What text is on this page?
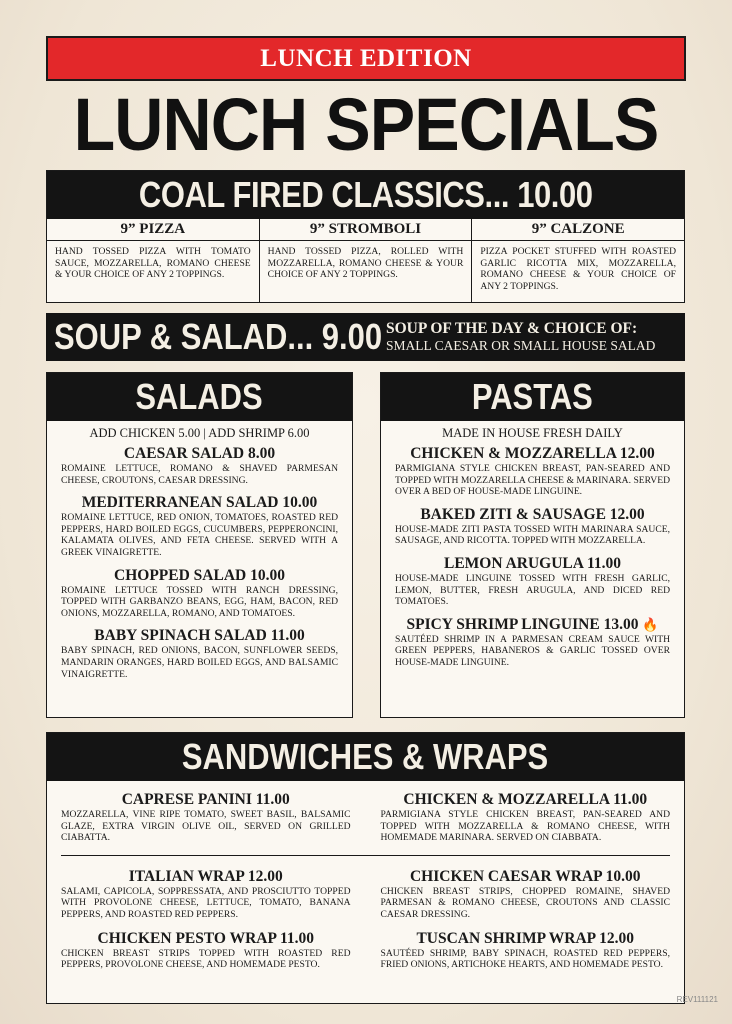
LUNCH EDITION
LUNCH SPECIALS
COAL FIRED CLASSICS... 10.00
9” PIZZA
HAND TOSSED PIZZA WITH TOMATO SAUCE, MOZZARELLA, ROMANO CHEESE & YOUR CHOICE OF ANY 2 TOPPINGS.
9” STROMBOLI
HAND TOSSED PIZZA, ROLLED WITH MOZZARELLA, ROMANO CHEESE & YOUR CHOICE OF ANY 2 TOPPINGS.
9” CALZONE
PIZZA POCKET STUFFED WITH ROASTED GARLIC RICOTTA MIX, MOZZARELLA, ROMANO CHEESE & YOUR CHOICE OF ANY 2 TOPPINGS.
SOUP & SALAD... 9.00 SOUP OF THE DAY & CHOICE OF:
SMALL CAESAR OR SMALL HOUSE SALAD
SALADS
ADD CHICKEN 5.00 | ADD SHRIMP 6.00
CAESAR SALAD 8.00
ROMAINE LETTUCE, ROMANO & SHAVED PARMESAN CHEESE, CROUTONS, CAESAR DRESSING.
MEDITERRANEAN SALAD 10.00
ROMAINE LETTUCE, RED ONION, TOMATOES, ROASTED RED PEPPERS, HARD BOILED EGGS, CUCUMBERS, PEPPERONCINI, KALAMATA OLIVES, AND FETA CHEESE. SERVED WITH A GREEK VINAIGRETTE.
CHOPPED SALAD 10.00
ROMAINE LETTUCE TOSSED WITH RANCH DRESSING, TOPPED WITH GARBANZO BEANS, EGG, HAM, BACON, RED ONIONS, MOZZARELLA, ROMANO, AND TOMATOES.
BABY SPINACH SALAD 11.00
BABY SPINACH, RED ONIONS, BACON, SUNFLOWER SEEDS, MANDARIN ORANGES, HARD BOILED EGGS, AND BALSAMIC VINAIGRETTE.
PASTAS
MADE IN HOUSE FRESH DAILY
CHICKEN & MOZZARELLA 12.00
PARMIGIANA STYLE CHICKEN BREAST, PAN-SEARED AND TOPPED WITH MOZZARELLA CHEESE & MARINARA. SERVED OVER A BED OF HOUSE-MADE LINGUINE.
BAKED ZITI & SAUSAGE 12.00
HOUSE-MADE ZITI PASTA TOSSED WITH MARINARA SAUCE, SAUSAGE, AND RICOTTA. TOPPED WITH MOZZARELLA.
LEMON ARUGULA 11.00
HOUSE-MADE LINGUINE TOSSED WITH FRESH GARLIC, LEMON, BUTTER, FRESH ARUGULA, AND DICED RED TOMATOES.
SPICY SHRIMP LINGUINE 13.00 🔥
SAUTÉED SHRIMP IN A PARMESAN CREAM SAUCE WITH GREEN PEPPERS, HABANEROS & GARLIC TOSSED OVER HOUSE-MADE LINGUINE.
SANDWICHES & WRAPS
CAPRESE PANINI 11.00
MOZZARELLA, VINE RIPE TOMATO, SWEET BASIL, BALSAMIC GLAZE, EXTRA VIRGIN OLIVE OIL, SERVED ON GRILLED CIABATTA.
CHICKEN & MOZZARELLA 11.00
PARMIGIANA STYLE CHICKEN BREAST, PAN-SEARED AND TOPPED WITH MOZZARELLA & ROMANO CHEESE, WITH HOMEMADE MARINARA. SERVED ON CIABBATA.
ITALIAN WRAP 12.00
SALAMI, CAPICOLA, SOPPRESSATA, AND PROSCIUTTO TOPPED WITH PROVOLONE CHEESE, LETTUCE, TOMATO, BANANA PEPPERS, AND ROASTED RED PEPPERS.
CHICKEN CAESAR WRAP 10.00
CHICKEN BREAST STRIPS, CHOPPED ROMAINE, SHAVED PARMESAN & ROMANO CHEESE, CROUTONS AND CLASSIC CAESAR DRESSING.
CHICKEN PESTO WRAP 11.00
CHICKEN BREAST STRIPS TOPPED WITH ROASTED RED PEPPERS, PROVOLONE CHEESE, AND HOMEMADE PESTO.
TUSCAN SHRIMP WRAP 12.00
SAUTÉED SHRIMP, BABY SPINACH, ROASTED RED PEPPERS, FRIED ONIONS, ARTICHOKE HEARTS, AND HOMEMADE PESTO.
REV111121
